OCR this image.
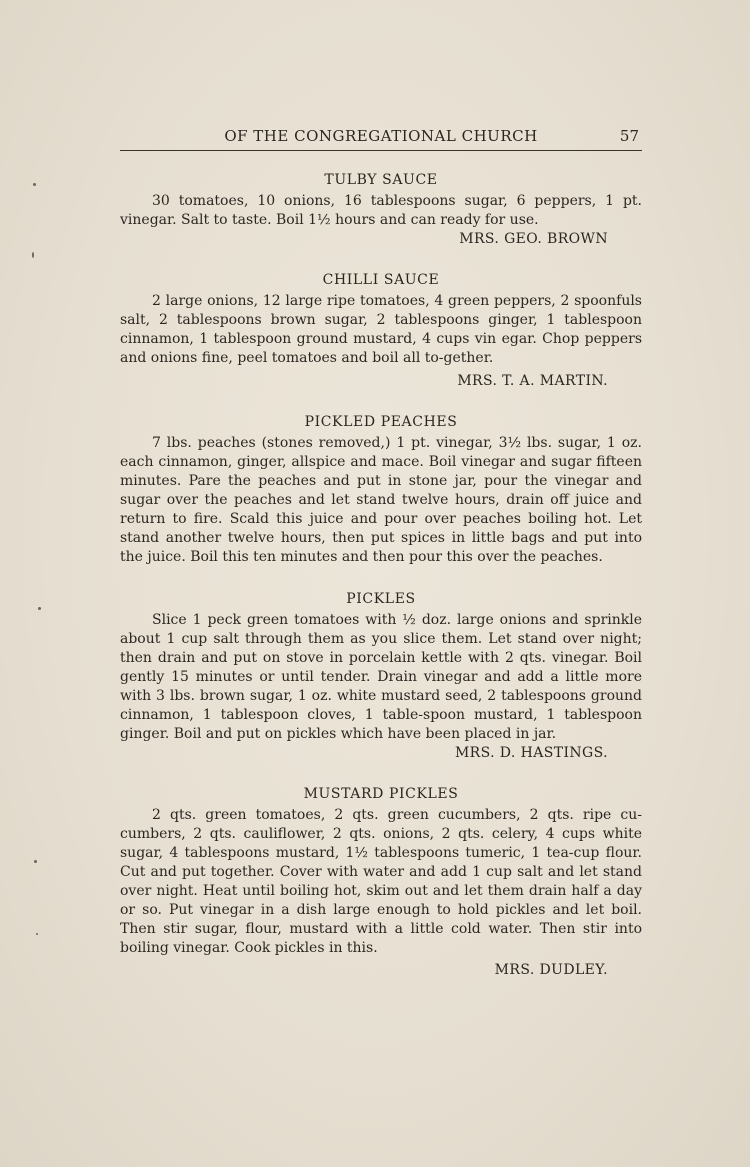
OF THE CONGREGATIONAL CHURCH	57
TULBY SAUCE

30 tomatoes, 10 onions, 16 tablespoons sugar, 6 peppers, 1 pt. vinegar. Salt to taste. Boil 1½ hours and can ready for use.

MRS. GEO. BROWN

CHILLI SAUCE

2 large onions, 12 large ripe tomatoes, 4 green peppers, 2 spoonfuls salt, 2 tablespoons brown sugar, 2 tablespoons ginger, 1 tablespoon cinnamon, 1 tablespoon ground mustard, 4 cups vin egar. Chop peppers and onions fine, peel tomatoes and boil all to-gether.

MRS. T. A. MARTIN.

PICKLED PEACHES

7 lbs. peaches (stones removed,) 1 pt. vinegar, 3½ lbs. sugar, 1 oz. each cinnamon, ginger, allspice and mace. Boil vinegar and sugar fifteen minutes. Pare the peaches and put in stone jar, pour the vinegar and sugar over the peaches and let stand twelve hours, drain off juice and return to fire. Scald this juice and pour over peaches boiling hot. Let stand another twelve hours, then put spices in little bags and put into the juice. Boil this ten minutes and then pour this over the peaches.

PICKLES

Slice 1 peck green tomatoes with ½ doz. large onions and sprinkle about 1 cup salt through them as you slice them. Let stand over night; then drain and put on stove in porcelain kettle with 2 qts. vinegar. Boil gently 15 minutes or until tender. Drain vinegar and add a little more with 3 lbs. brown sugar, 1 oz. white mustard seed, 2 tablespoons ground cinnamon, 1 tablespoon cloves, 1 table-spoon mustard, 1 tablespoon ginger. Boil and put on pickles which have been placed in jar.

MRS. D. HASTINGS.

MUSTARD PICKLES

2 qts. green tomatoes, 2 qts. green cucumbers, 2 qts. ripe cu-cumbers, 2 qts. cauliflower, 2 qts. onions, 2 qts. celery, 4 cups white sugar, 4 tablespoons mustard, 1½ tablespoons tumeric, 1 tea-cup flour. Cut and put together. Cover with water and add 1 cup salt and let stand over night. Heat until boiling hot, skim out and let them drain half a day or so. Put vinegar in a dish large enough to hold pickles and let boil. Then stir sugar, flour, mustard with a little cold water. Then stir into boiling vinegar. Cook pickles in this.

MRS. DUDLEY.
